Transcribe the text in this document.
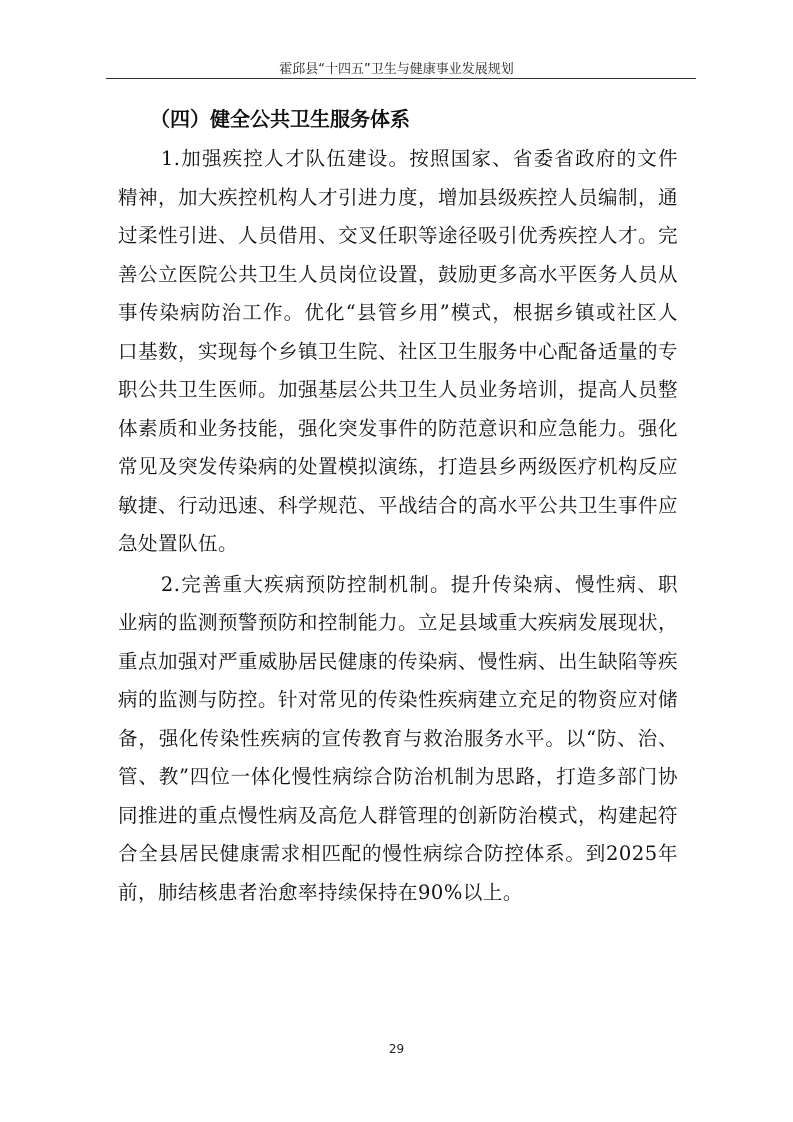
霍邱县“十四五”卫生与健康事业发展规划
（四）健全公共卫生服务体系

1.加强疾控人才队伍建设。按照国家、省委省政府的文件精神，加大疾控机构人才引进力度，增加县级疾控人员编制，通过柔性引进、人员借用、交叉任职等途径吸引优秀疾控人才。完善公立医院公共卫生人员岗位设置，鼓励更多高水平医务人员从事传染病防治工作。优化“县管乡用”模式，根据乡镇或社区人口基数，实现每个乡镇卫生院、社区卫生服务中心配备适量的专职公共卫生医师。加强基层公共卫生人员业务培训，提高人员整体素质和业务技能，强化突发事件的防范意识和应急能力。强化常见及突发传染病的处置模拟演练，打造县乡两级医疗机构反应敏捷、行动迅速、科学规范、平战结合的高水平公共卫生事件应急处置队伍。

2.完善重大疾病预防控制机制。提升传染病、慢性病、职业病的监测预警预防和控制能力。立足县域重大疾病发展现状，重点加强对严重威胁居民健康的传染病、慢性病、出生缺陷等疾病的监测与防控。针对常见的传染性疾病建立充足的物资应对储备，强化传染性疾病的宣传教育与救治服务水平。以“防、治、管、教”四位一体化慢性病综合防治机制为思路，打造多部门协同推进的重点慢性病及高危人群管理的创新防治模式，构建起符合全县居民健康需求相匹配的慢性病综合防控体系。到2025年前，肺结核患者治愈率持续保持在90%以上。

29
